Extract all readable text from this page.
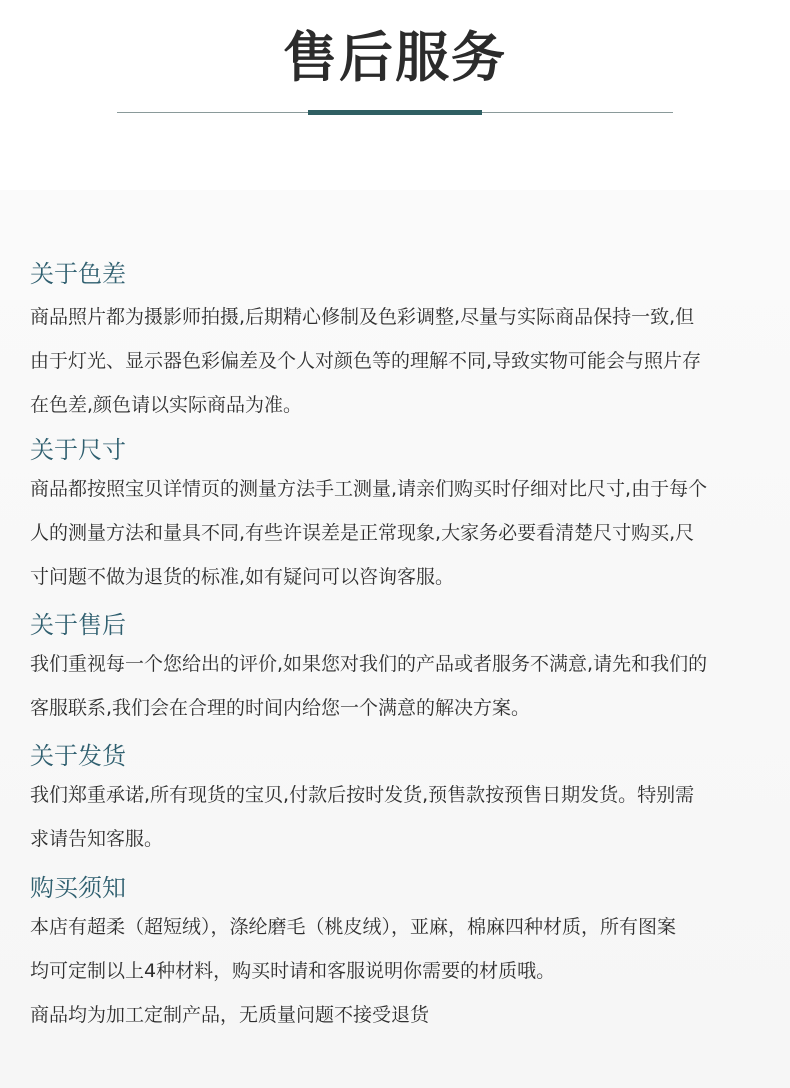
售后服务
关于色差

商品照片都为摄影师拍摄,后期精心修制及色彩调整,尽量与实际商品保持一致,但

由于灯光、显示器色彩偏差及个人对颜色等的理解不同,导致实物可能会与照片存

在色差,颜色请以实际商品为准。

关于尺寸

商品都按照宝贝详情页的测量方法手工测量,请亲们购买时仔细对比尺寸,由于每个

人的测量方法和量具不同,有些许误差是正常现象,大家务必要看清楚尺寸购买,尺

寸问题不做为退货的标准,如有疑问可以咨询客服。

关于售后

我们重视每一个您给出的评价,如果您对我们的产品或者服务不满意,请先和我们的

客服联系,我们会在合理的时间内给您一个满意的解决方案。

关于发货

我们郑重承诺,所有现货的宝贝,付款后按时发货,预售款按预售日期发货。特别需

求请告知客服。

购买须知

本店有超柔（超短绒），涤纶磨毛（桃皮绒），亚麻，棉麻四种材质，所有图案

均可定制以上4种材料，购买时请和客服说明你需要的材质哦。

商品均为加工定制产品，无质量问题不接受退货
